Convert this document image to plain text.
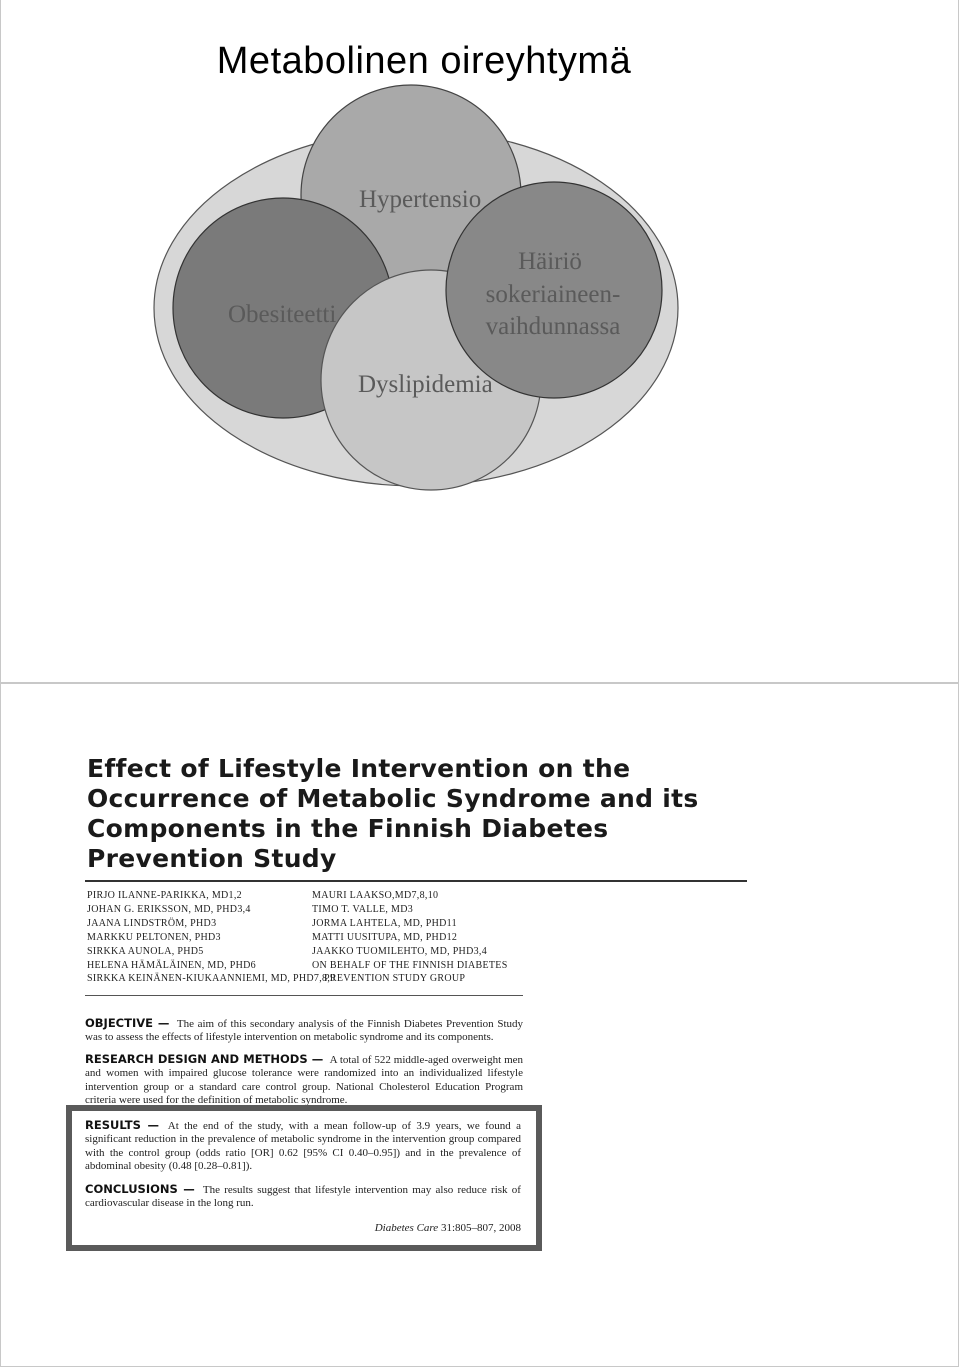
Metabolinen oireyhtymä
Hypertensio
Obesiteetti
Häiriö
sokeriaineen-
vaihdunnassa
Dyslipidemia
Effect of Lifestyle Intervention on the
Occurrence of Metabolic Syndrome and its
Components in the Finnish Diabetes
Prevention Study
PIRJO ILANNE-PARIKKA, MD1,2
JOHAN G. ERIKSSON, MD, PHD3,4
JAANA LINDSTRÖM, PHD3
MARKKU PELTONEN, PHD3
SIRKKA AUNOLA, PHD5
HELENA HÄMÄLÄINEN, MD, PHD6
SIRKKA KEINÄNEN-KIUKAANNIEMI, MD, PHD7,8,9
MAURI LAAKSO,MD7,8,10
TIMO T. VALLE, MD3
JORMA LAHTELA, MD, PHD11
MATTI UUSITUPA, MD, PHD12
JAAKKO TUOMILEHTO, MD, PHD3,4
ON BEHALF OF THE FINNISH DIABETES
PREVENTION STUDY GROUP

OBJECTIVE — The aim of this secondary analysis of the Finnish Diabetes Prevention Study was to assess the effects of lifestyle intervention on metabolic syndrome and its components.

RESEARCH DESIGN AND METHODS — A total of 522 middle-aged overweight men and women with impaired glucose tolerance were randomized into an individualized lifestyle intervention group or a standard care control group. National Cholesterol Education Program criteria were used for the definition of metabolic syndrome.

RESULTS — At the end of the study, with a mean follow-up of 3.9 years, we found a significant reduction in the prevalence of metabolic syndrome in the intervention group compared with the control group (odds ratio [OR] 0.62 [95% CI 0.40–0.95]) and in the prevalence of abdominal obesity (0.48 [0.28–0.81]).

CONCLUSIONS — The results suggest that lifestyle intervention may also reduce risk of cardiovascular disease in the long run.

Diabetes Care 31:805–807, 2008
